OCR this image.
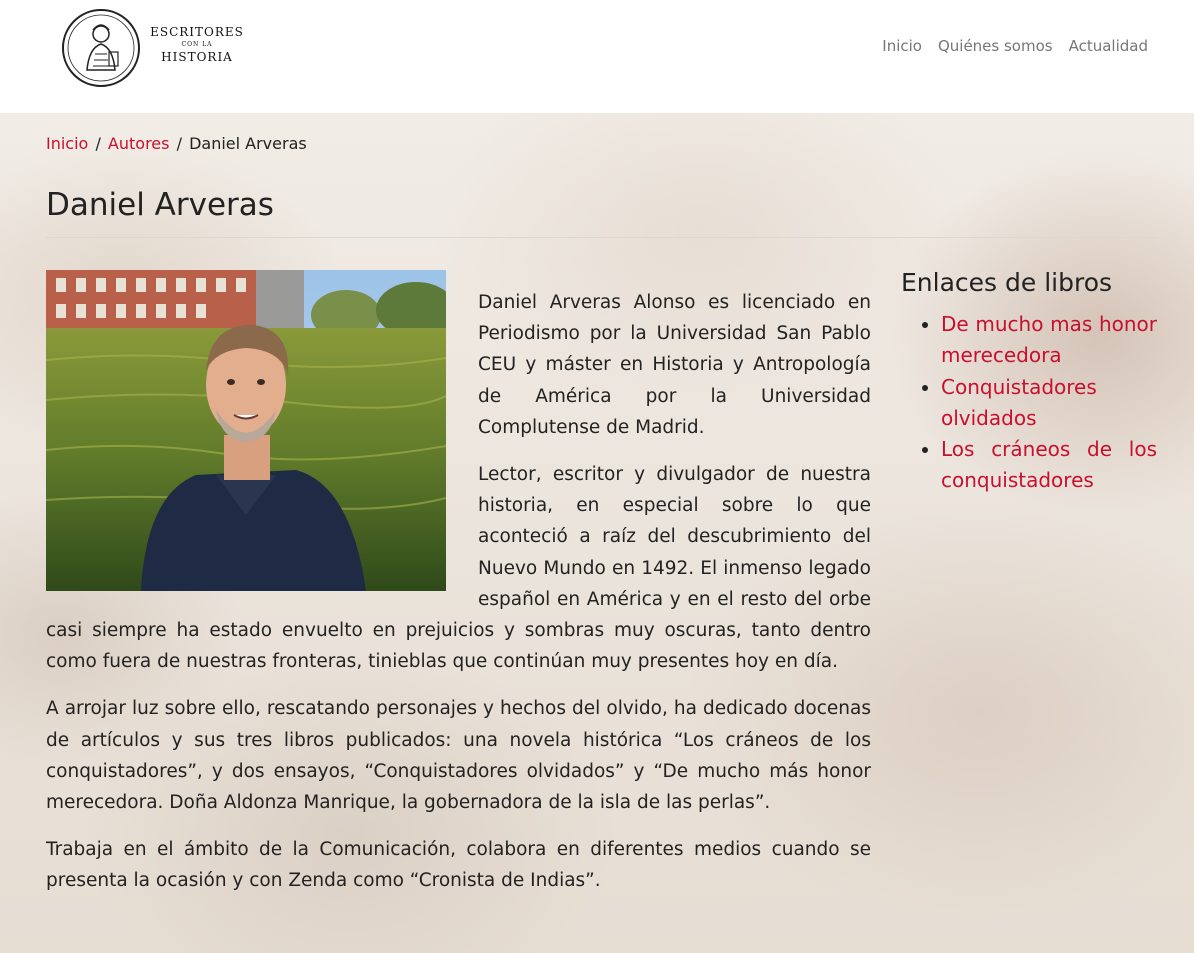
ESCRITORES
CON LA
HISTORIA
Inicio Quiénes somos Actualidad
Inicio / Autores / Daniel Arveras
Daniel Arveras

Daniel Arveras Alonso es licenciado en Periodismo por la Universidad San Pablo CEU y máster en Historia y Antropología de América por la Universidad Complutense de Madrid.

Lector, escritor y divulgador de nuestra historia, en especial sobre lo que aconteció a raíz del descubrimiento del Nuevo Mundo en 1492. El inmenso legado español en América y en el resto del orbe casi siempre ha estado envuelto en prejuicios y sombras muy oscuras, tanto dentro como fuera de nuestras fronteras, tinieblas que continúan muy presentes hoy en día.

A arrojar luz sobre ello, rescatando personajes y hechos del olvido, ha dedicado docenas de artículos y sus tres libros publicados: una novela histórica “Los cráneos de los conquistadores”, y dos ensayos, “Conquistadores olvidados” y “De mucho más honor merecedora. Doña Aldonza Manrique, la gobernadora de la isla de las perlas”.

Trabaja en el ámbito de la Comunicación, colabora en diferentes medios cuando se presenta la ocasión y con Zenda como “Cronista de Indias”.

Enlaces de libros
• De mucho mas honor merecedora
• Conquistadores olvidados
• Los cráneos de los conquistadores
